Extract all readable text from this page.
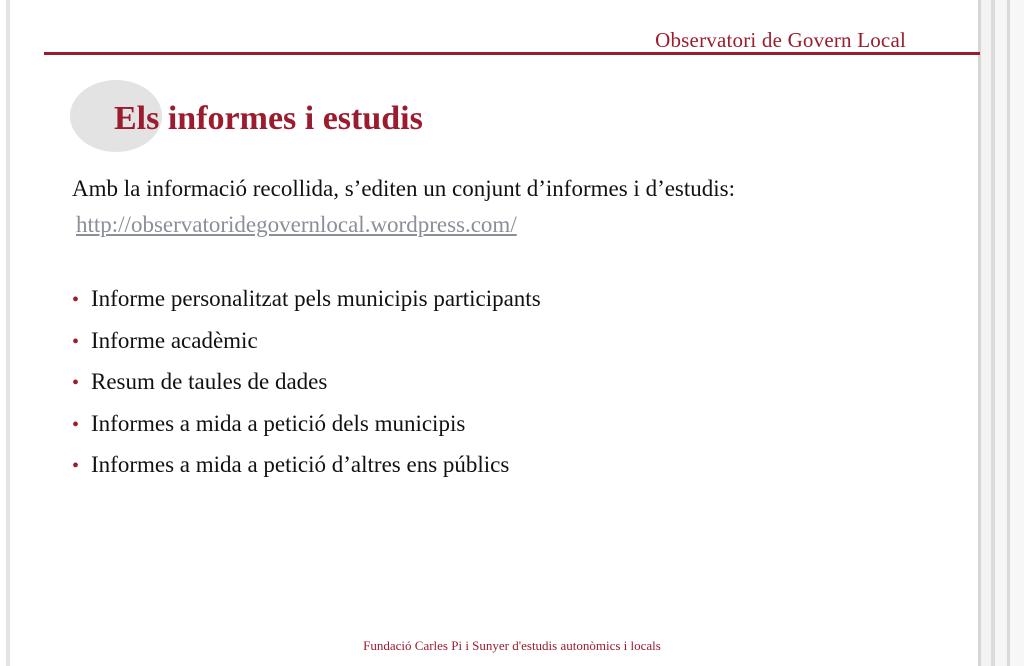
Observatori de Govern Local
Els informes i estudis
Amb la informació recollida, s’editen un conjunt d’informes i d’estudis:
http://observatoridegovernlocal.wordpress.com/
• Informe personalitzat pels municipis participants
• Informe acadèmic
• Resum de taules de dades
• Informes a mida a petició dels municipis
• Informes a mida a petició d’altres ens públics
Fundació Carles Pi i Sunyer d'estudis autonòmics i locals
